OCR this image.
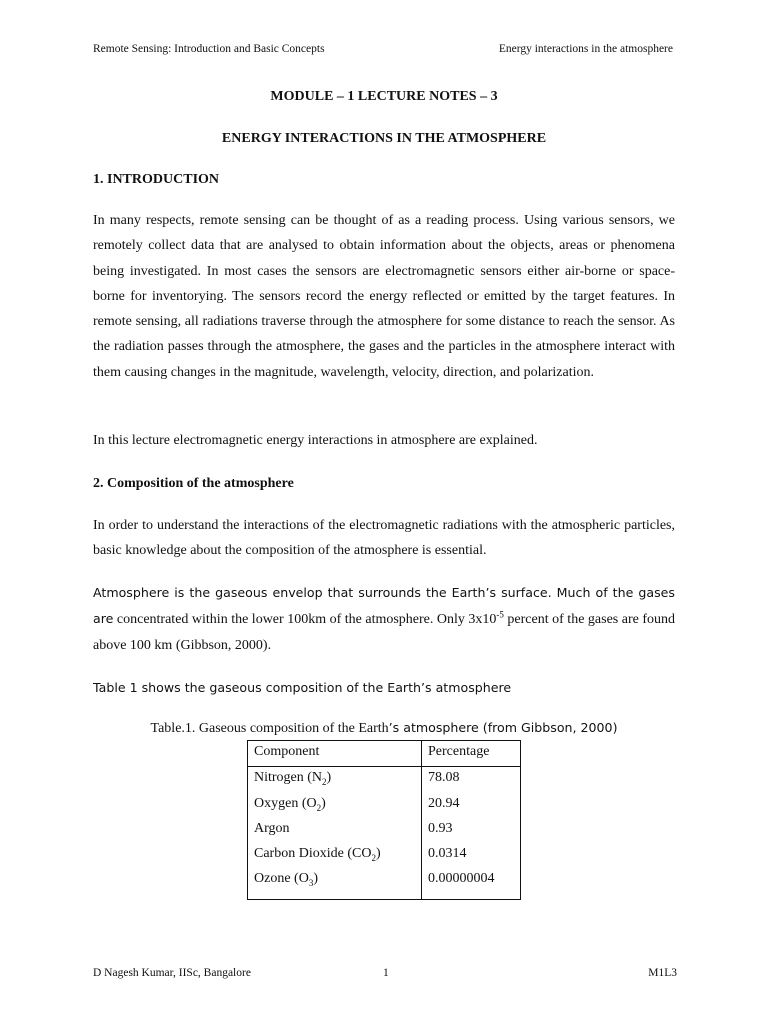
Remote Sensing: Introduction and Basic Concepts	Energy interactions in the atmosphere
MODULE – 1 LECTURE NOTES – 3
ENERGY INTERACTIONS IN THE ATMOSPHERE
1. INTRODUCTION
In many respects, remote sensing can be thought of as a reading process. Using various sensors, we remotely collect data that are analysed to obtain information about the objects, areas or phenomena being investigated. In most cases the sensors are electromagnetic sensors either air-borne or space-borne for inventorying. The sensors record the energy reflected or emitted by the target features. In remote sensing, all radiations traverse through the atmosphere for some distance to reach the sensor. As the radiation passes through the atmosphere, the gases and the particles in the atmosphere interact with them causing changes in the magnitude, wavelength, velocity, direction, and polarization.
In this lecture electromagnetic energy interactions in atmosphere are explained.
2. Composition of the atmosphere
In order to understand the interactions of the electromagnetic radiations with the atmospheric particles, basic knowledge about the composition of the atmosphere is essential.
Atmosphere is the gaseous envelop that surrounds the Earth’s surface. Much of the gases are concentrated within the lower 100km of the atmosphere. Only $3x10^{-5}$ percent of the gases are found above 100 km (Gibbson, 2000).
Table 1 shows the gaseous composition of the Earth’s atmosphere
Table.1. Gaseous composition of the Earth’s atmosphere (from Gibbson, 2000)
Component	Percentage
Nitrogen $(N_2)$	78.08
Oxygen $(O_2)$	20.94
Argon	0.93
Carbon Dioxide $(CO_2)$	0.0314
Ozone $(O_3)$	0.00000004
D Nagesh Kumar, IISc, Bangalore	1	M1L3
